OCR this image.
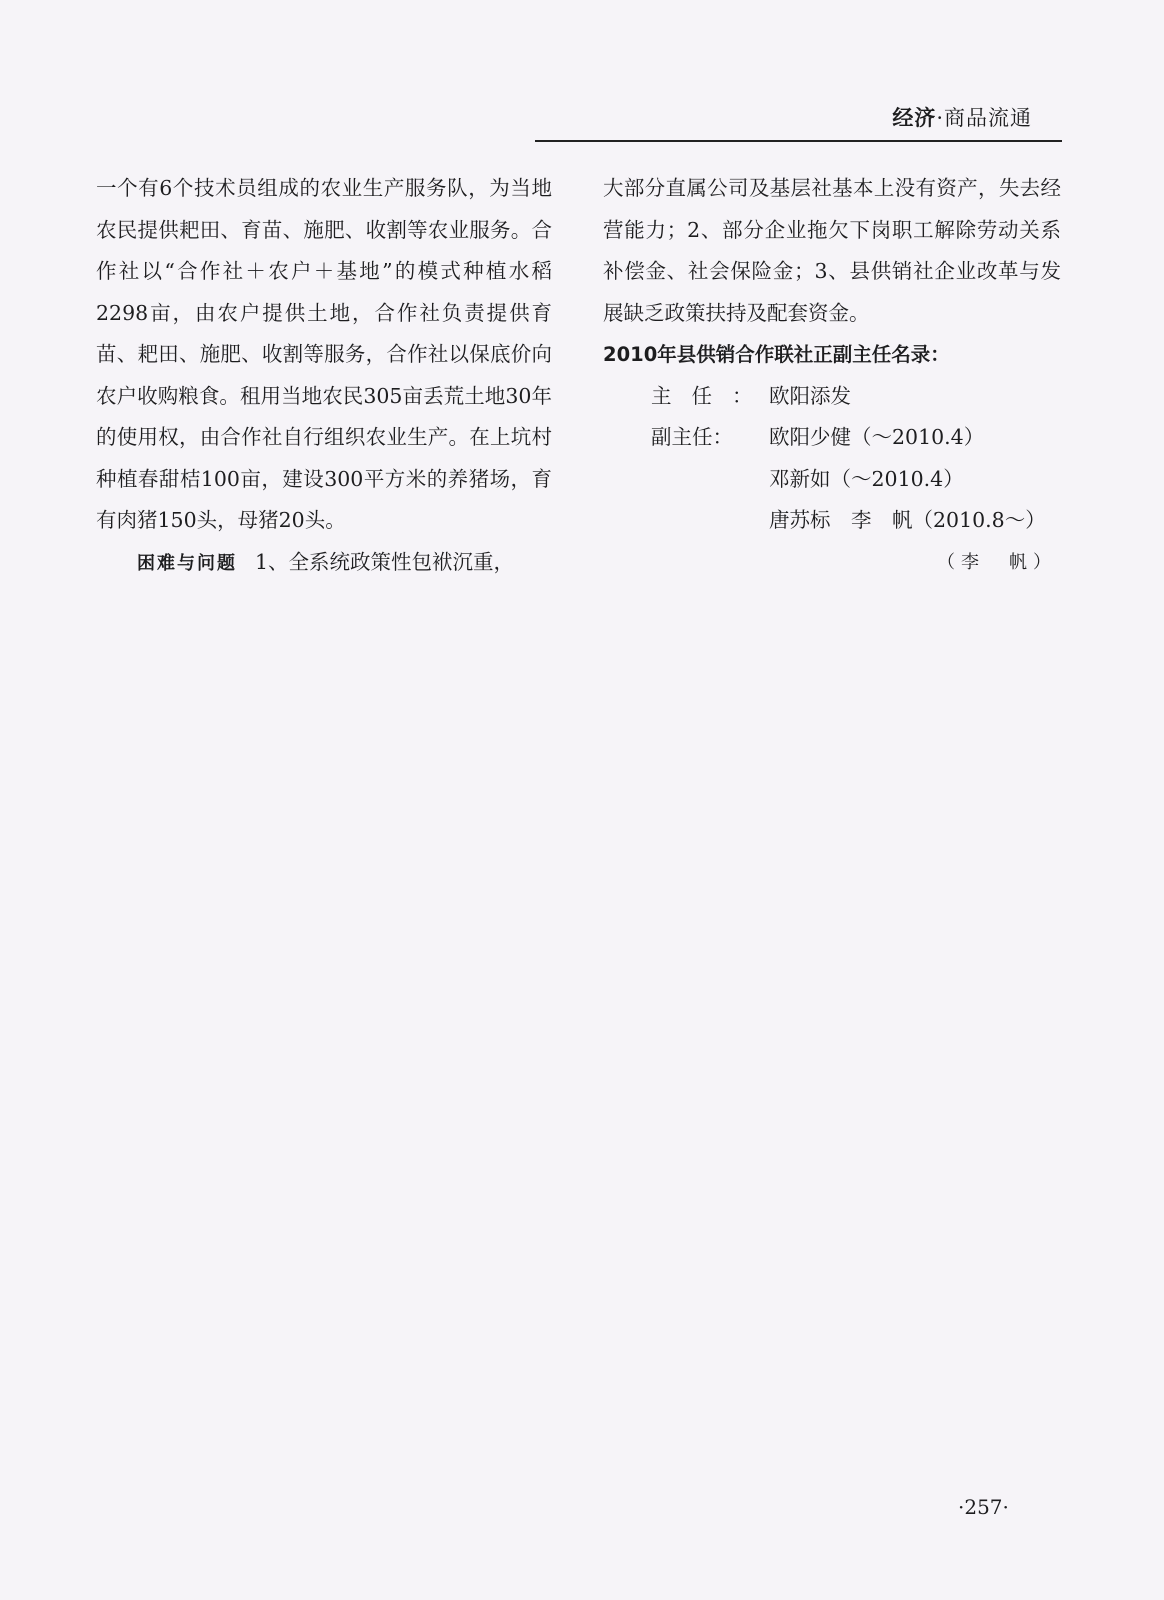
经济·商品流通

一个有6个技术员组成的农业生产服务队，为当地农民提供耙田、育苗、施肥、收割等农业服务。合作社以“合作社＋农户＋基地”的模式种植水稻2298亩，由农户提供土地，合作社负责提供育苗、耙田、施肥、收割等服务，合作社以保底价向农户收购粮食。租用当地农民305亩丢荒土地30年的使用权，由合作社自行组织农业生产。在上坑村种植春甜桔100亩，建设300平方米的养猪场，育有肉猪150头，母猪20头。

困难与问题 1、全系统政策性包袱沉重，

大部分直属公司及基层社基本上没有资产，失去经营能力；2、部分企业拖欠下岗职工解除劳动关系补偿金、社会保险金；3、县供销社企业改革与发展缺乏政策扶持及配套资金。

2010年县供销合作联社正副主任名录：

主任： 欧阳添发
副主任：	欧阳少健（～2010.4）
邓新如（～2010.4）
唐苏标　李　帆（2010.8～）

（李　帆）

·257·
